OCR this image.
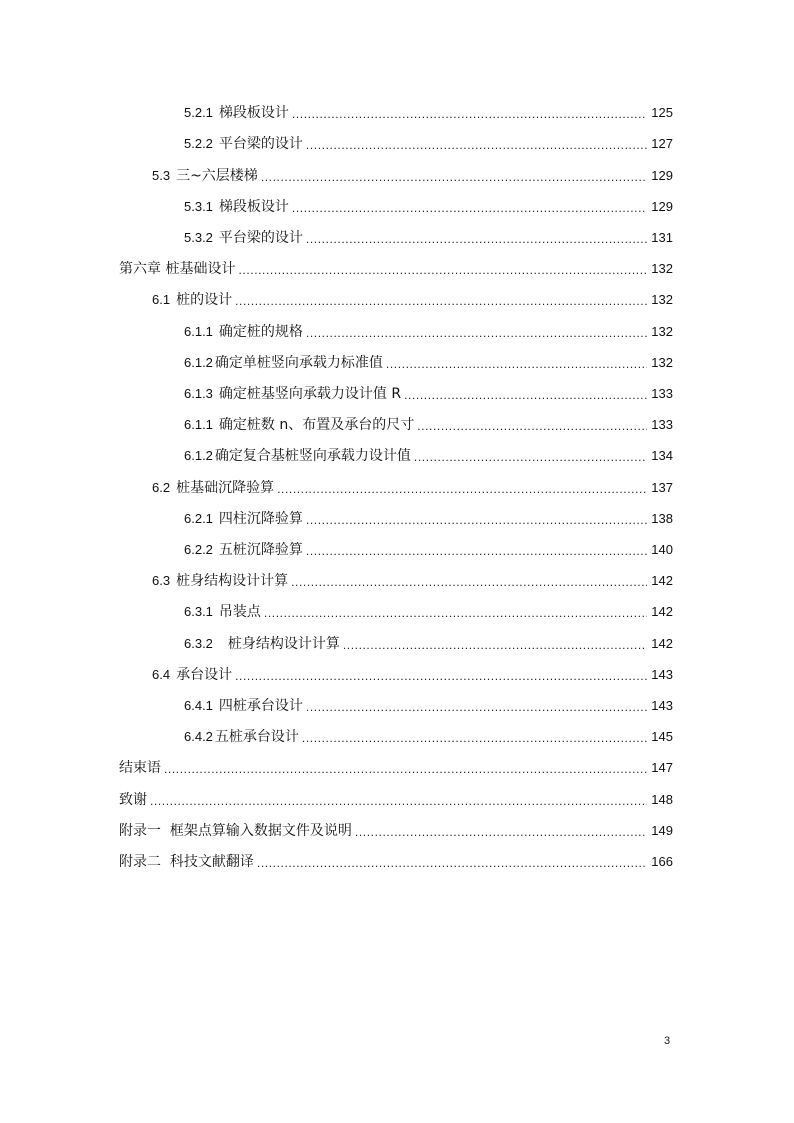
5.2.1 梯段板设计 .....	125
5.2.2 平台梁的设计 .....	127
5.3 三~六层楼梯 .....	129
5.3.1 梯段板设计 .....	129
5.3.2 平台梁的设计 .....	131
第六章 桩基础设计 .....	132
6.1 桩的设计 .....	132
6.1.1 确定桩的规格 .....	132
6.1.2 确定单桩竖向承载力标准值 .....	132
6.1.3 确定桩基竖向承载力设计值 R .....	133
6.1.1 确定桩数 n、布置及承台的尺寸 .....	133
6.1.2 确定复合基桩竖向承载力设计值 .....	134
6.2 桩基础沉降验算 .....	137
6.2.1 四柱沉降验算 .....	138
6.2.2 五桩沉降验算 .....	140
6.3 桩身结构设计计算 .....	142
6.3.1 吊装点 .....	142
6.3.2 桩身结构设计计算 .....	142
6.4 承台设计 .....	143
6.4.1 四桩承台设计 .....	143
6.4.2 五桩承台设计 .....	145
结束语 .....	147
致谢 .....	148
附录一  框架点算输入数据文件及说明 .....	149
附录二  科技文献翻译 .....	166
3
